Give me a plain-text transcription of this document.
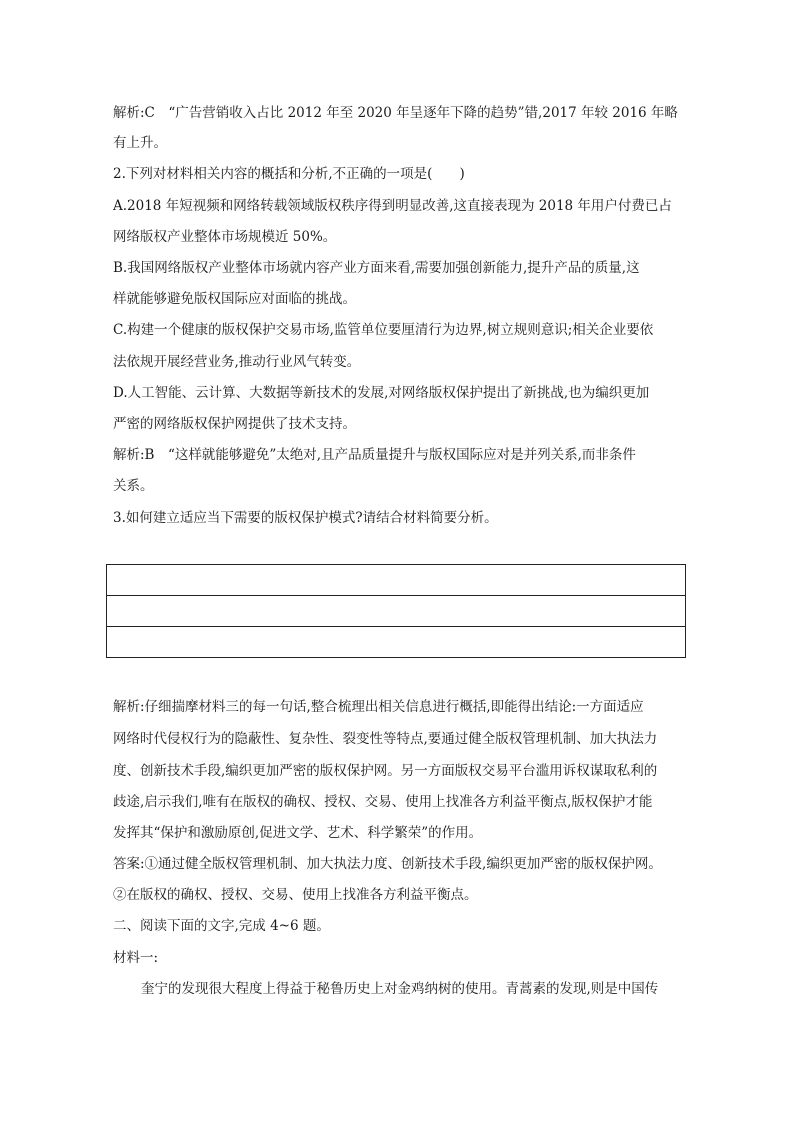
解析:C　“广告营销收入占比 2012 年至 2020 年呈逐年下降的趋势”错,2017 年较 2016 年略
有上升。
2.下列对材料相关内容的概括和分析,不正确的一项是(　　)
A.2018 年短视频和网络转载领域版权秩序得到明显改善,这直接表现为 2018 年用户付费已占
网络版权产业整体市场规模近 50%。
B.我国网络版权产业整体市场就内容产业方面来看,需要加强创新能力,提升产品的质量,这
样就能够避免版权国际应对面临的挑战。
C.构建一个健康的版权保护交易市场,监管单位要厘清行为边界,树立规则意识;相关企业要依
法依规开展经营业务,推动行业风气转变。
D.人工智能、云计算、大数据等新技术的发展,对网络版权保护提出了新挑战,也为编织更加
严密的网络版权保护网提供了技术支持。
解析:B　“这样就能够避免”太绝对,且产品质量提升与版权国际应对是并列关系,而非条件
关系。
3.如何建立适应当下需要的版权保护模式?请结合材料简要分析。
解析:仔细揣摩材料三的每一句话,整合梳理出相关信息进行概括,即能得出结论:一方面适应
网络时代侵权行为的隐蔽性、复杂性、裂变性等特点,要通过健全版权管理机制、加大执法力
度、创新技术手段,编织更加严密的版权保护网。另一方面版权交易平台滥用诉权谋取私利的
歧途,启示我们,唯有在版权的确权、授权、交易、使用上找准各方利益平衡点,版权保护才能
发挥其“保护和激励原创,促进文学、艺术、科学繁荣”的作用。
答案:①通过健全版权管理机制、加大执法力度、创新技术手段,编织更加严密的版权保护网。
②在版权的确权、授权、交易、使用上找准各方利益平衡点。
二、阅读下面的文字,完成 4~6 题。
材料一:
奎宁的发现很大程度上得益于秘鲁历史上对金鸡纳树的使用。青蒿素的发现,则是中国传
